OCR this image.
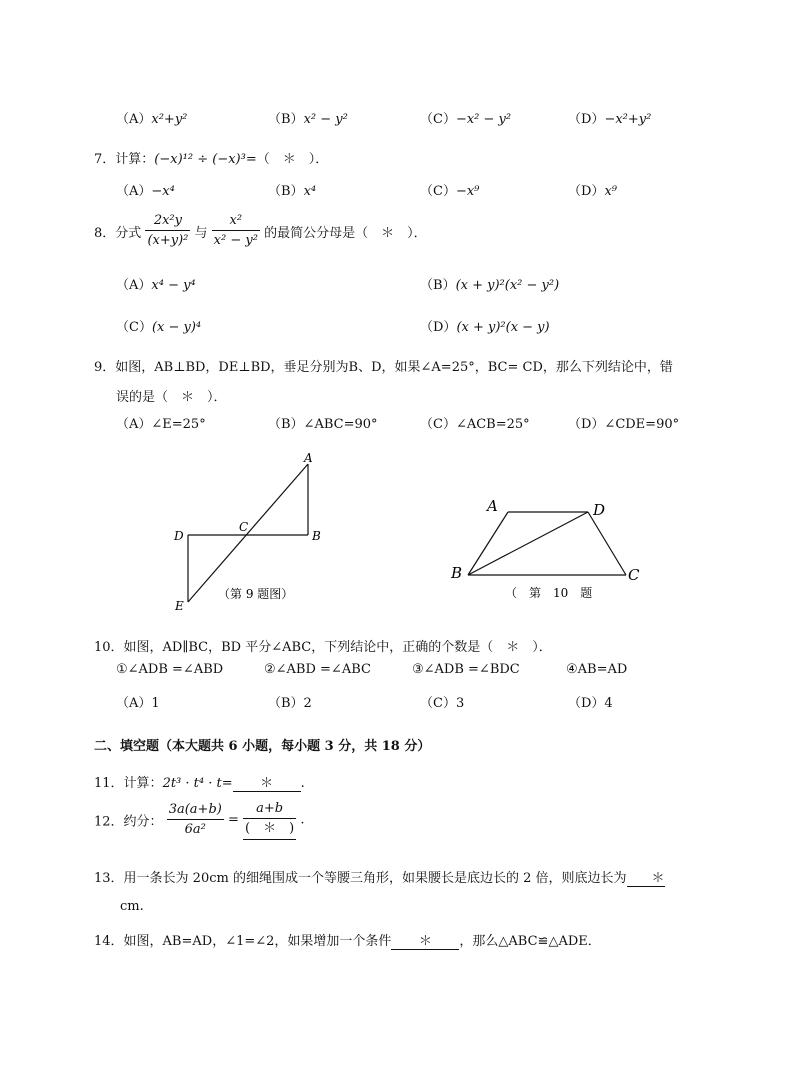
（A）x²+y²	（B）x² − y²	（C）−x² − y²	（D）−x²+y²
7．计算：(−x)¹² ÷ (−x)³=（　＊　）．
（A）−x⁴	（B）x⁴	（C）−x⁹	（D）x⁹
8．分式 $\frac{\text{2x²y}}{\text{(x+y)²}}$ 与 $\frac{\text{x²}}{\text{x² − y²}}$ 的最简公分母是（　＊　）．
（A）x⁴ − y⁴	（B）(x + y)²(x² − y²)
（C）(x − y)⁴	（D）(x + y)²(x − y)
9．如图，AB⊥BD，DE⊥BD，垂足分别为B、D，如果∠A=25°，BC= CD，那么下列结论中，错
误的是（　＊　）．
（A）∠E=25°	（B）∠ABC=90°	（C）∠ACB=25°	（D）∠CDE=90°
A
B
C
D
E
（第 9 题图）
A
B	C
D
（　第　10　题
10．如图，AD∥BC，BD 平分∠ABC，下列结论中，正确的个数是（　＊　）．
①∠ADB =∠ABD	②∠ABD =∠ABC	③∠ADB =∠BDC	④AB=AD
（A）1	（B）2	（C）3	（D）4
二、填空题（本大题共 6 小题，每小题 3 分，共 18 分）
11．计算：2t³ · t⁴ · t= ＊ .
12．约分： $\frac{3a(a+b)}{\text{6a²}} = \frac{a+b}{( * )}$ .
13．用一条长为 20cm 的细绳围成一个等腰三角形，如果腰长是底边长的 2 倍，则底边长为 ＊
cm.
14．如图，AB=AD，∠1=∠2，如果增加一个条件 ＊ ，那么△ABC≌△ADE．
